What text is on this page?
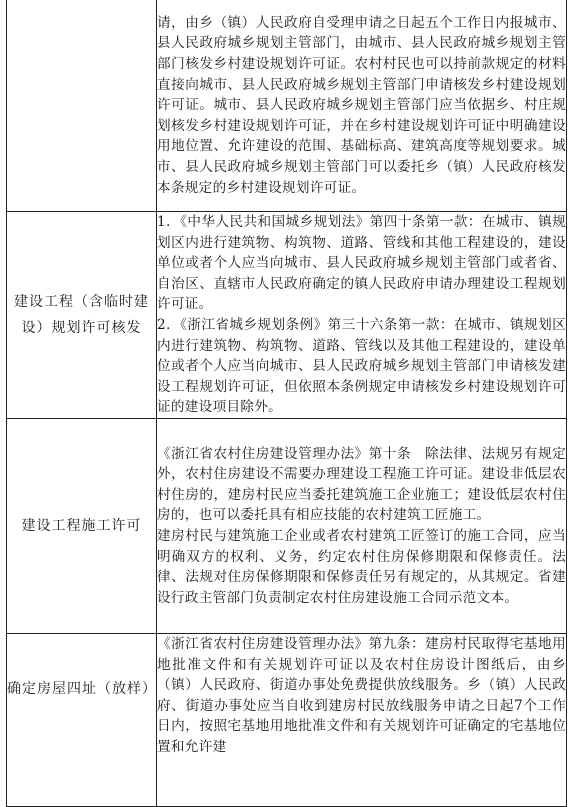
	请，由乡（镇）人民政府自受理申请之日起五个工作日内报城市、县人民政府城乡规划主管部门，由城市、县人民政府城乡规划主管部门核发乡村建设规划许可证。农村村民也可以持前款规定的材料直接向城市、县人民政府城乡规划主管部门申请核发乡村建设规划许可证。城市、县人民政府城乡规划主管部门应当依据乡、村庄规划核发乡村建设规划许可证，并在乡村建设规划许可证中明确建设用地位置、允许建设的范围、基础标高、建筑高度等规划要求。城市、县人民政府城乡规划主管部门可以委托乡（镇）人民政府核发本条规定的乡村建设规划许可证。

建设工程（含临时建设）规划许可核发	1．《中华人民共和国城乡规划法》第四十条第一款：在城市、镇规划区内进行建筑物、构筑物、道路、管线和其他工程建设的，建设单位或者个人应当向城市、县人民政府城乡规划主管部门或者省、自治区、直辖市人民政府确定的镇人民政府申请办理建设工程规划许可证。

2．《浙江省城乡规划条例》第三十六条第一款：在城市、镇规划区内进行建筑物、构筑物、道路、管线以及其他工程建设的，建设单位或者个人应当向城市、县人民政府城乡规划主管部门申请核发建设工程规划许可证，但依照本条例规定申请核发乡村建设规划许可证的建设项目除外。

建设工程施工许可	《浙江省农村住房建设管理办法》第十条　除法律、法规另有规定外，农村住房建设不需要办理建设工程施工许可证。建设非低层农村住房的，建房村民应当委托建筑施工企业施工；建设低层农村住房的，也可以委托具有相应技能的农村建筑工匠施工。

建房村民与建筑施工企业或者农村建筑工匠签订的施工合同，应当明确双方的权利、义务，约定农村住房保修期限和保修责任。法律、法规对住房保修期限和保修责任另有规定的，从其规定。省建设行政主管部门负责制定农村住房建设施工合同示范文本。

确定房屋四址（放样）	《浙江省农村住房建设管理办法》第九条：建房村民取得宅基地用地批准文件和有关规划许可证以及农村住房设计图纸后，由乡（镇）人民政府、街道办事处免费提供放线服务。乡（镇）人民政府、街道办事处应当自收到建房村民放线服务申请之日起7个工作日内，按照宅基地用地批准文件和有关规划许可证确定的宅基地位置和允许建
